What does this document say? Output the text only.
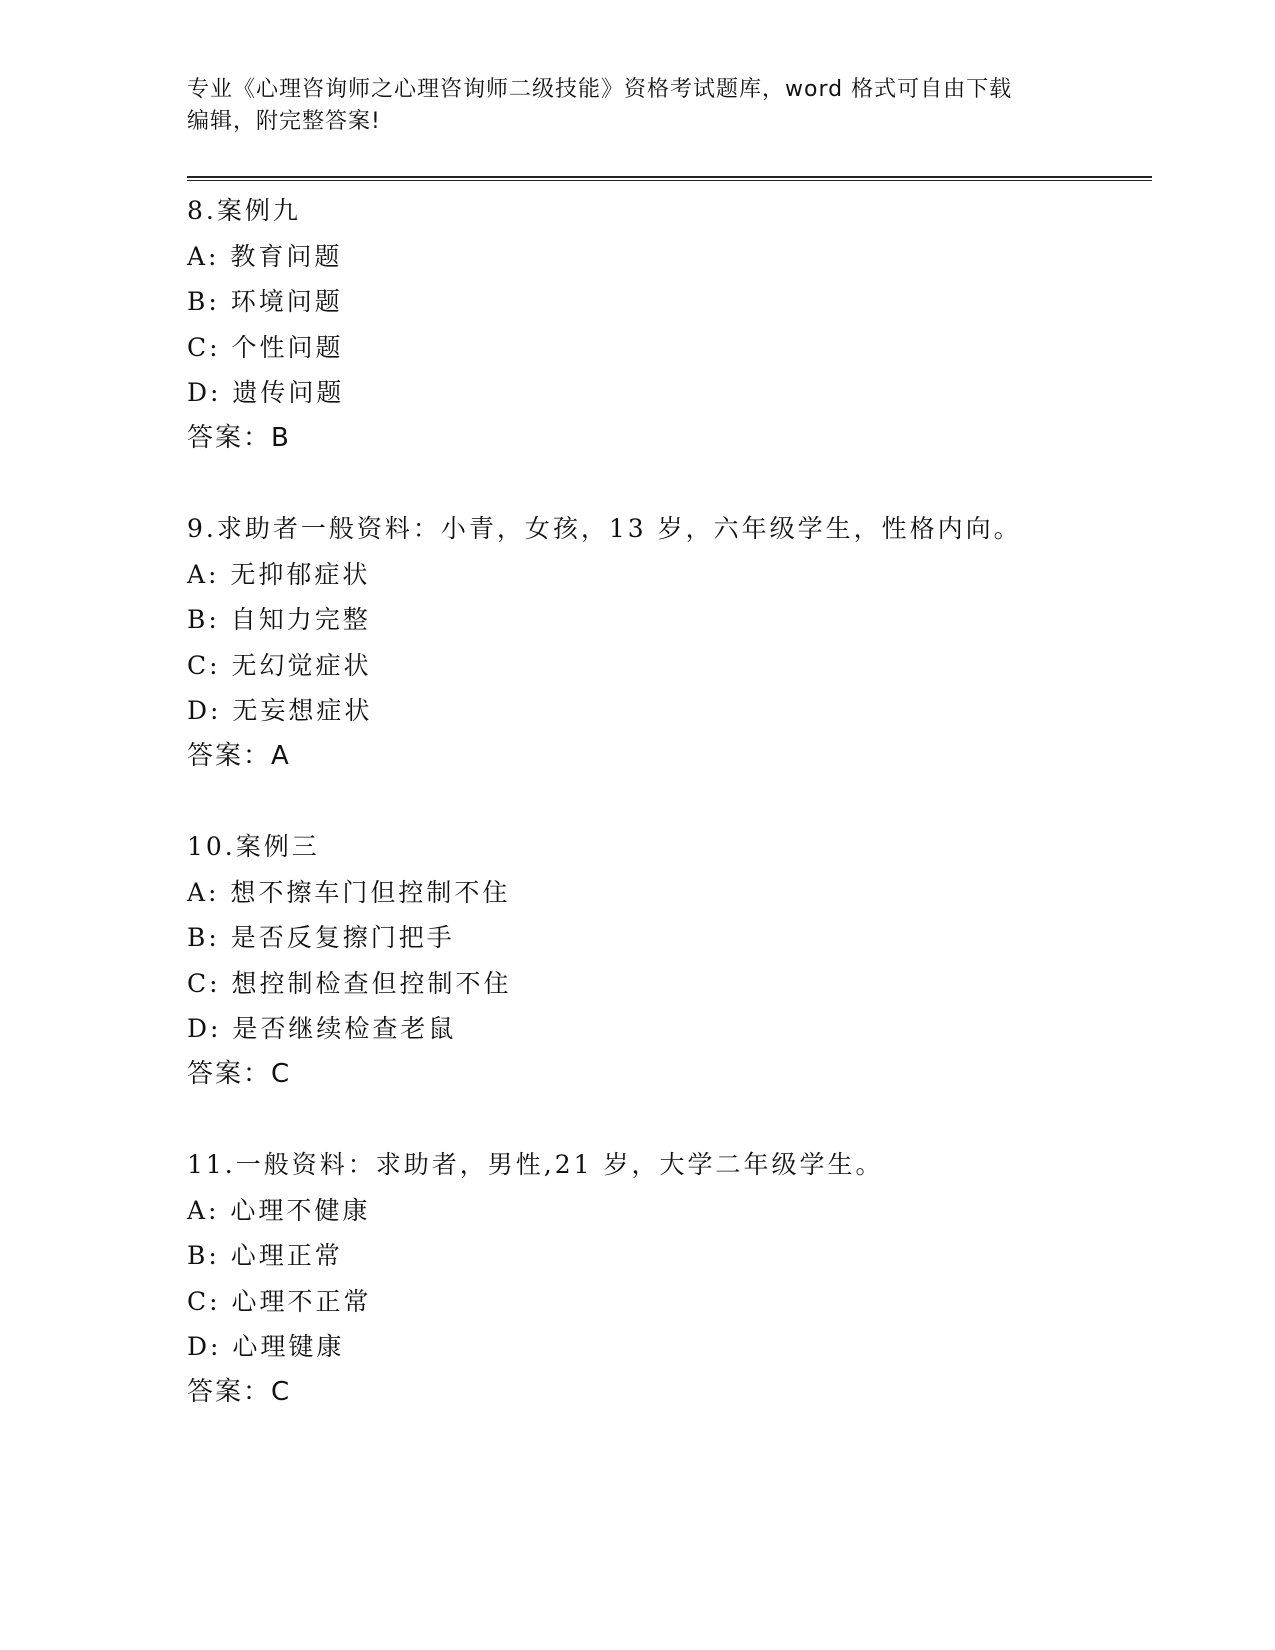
专业《心理咨询师之心理咨询师二级技能》资格考试题库，word 格式可自由下载
编辑，附完整答案!
8.案例九
A: 教育问题
B: 环境问题
C: 个性问题
D: 遗传问题
答案：B
9.求助者一般资料：小青，女孩，13 岁，六年级学生，性格内向。
A: 无抑郁症状
B: 自知力完整
C: 无幻觉症状
D: 无妄想症状
答案：A
10.案例三
A: 想不擦车门但控制不住
B: 是否反复擦门把手
C: 想控制检查但控制不住
D: 是否继续检查老鼠
答案：C
11.一般资料：求助者，男性,21 岁，大学二年级学生。
A: 心理不健康
B: 心理正常
C: 心理不正常
D: 心理键康
答案：C
